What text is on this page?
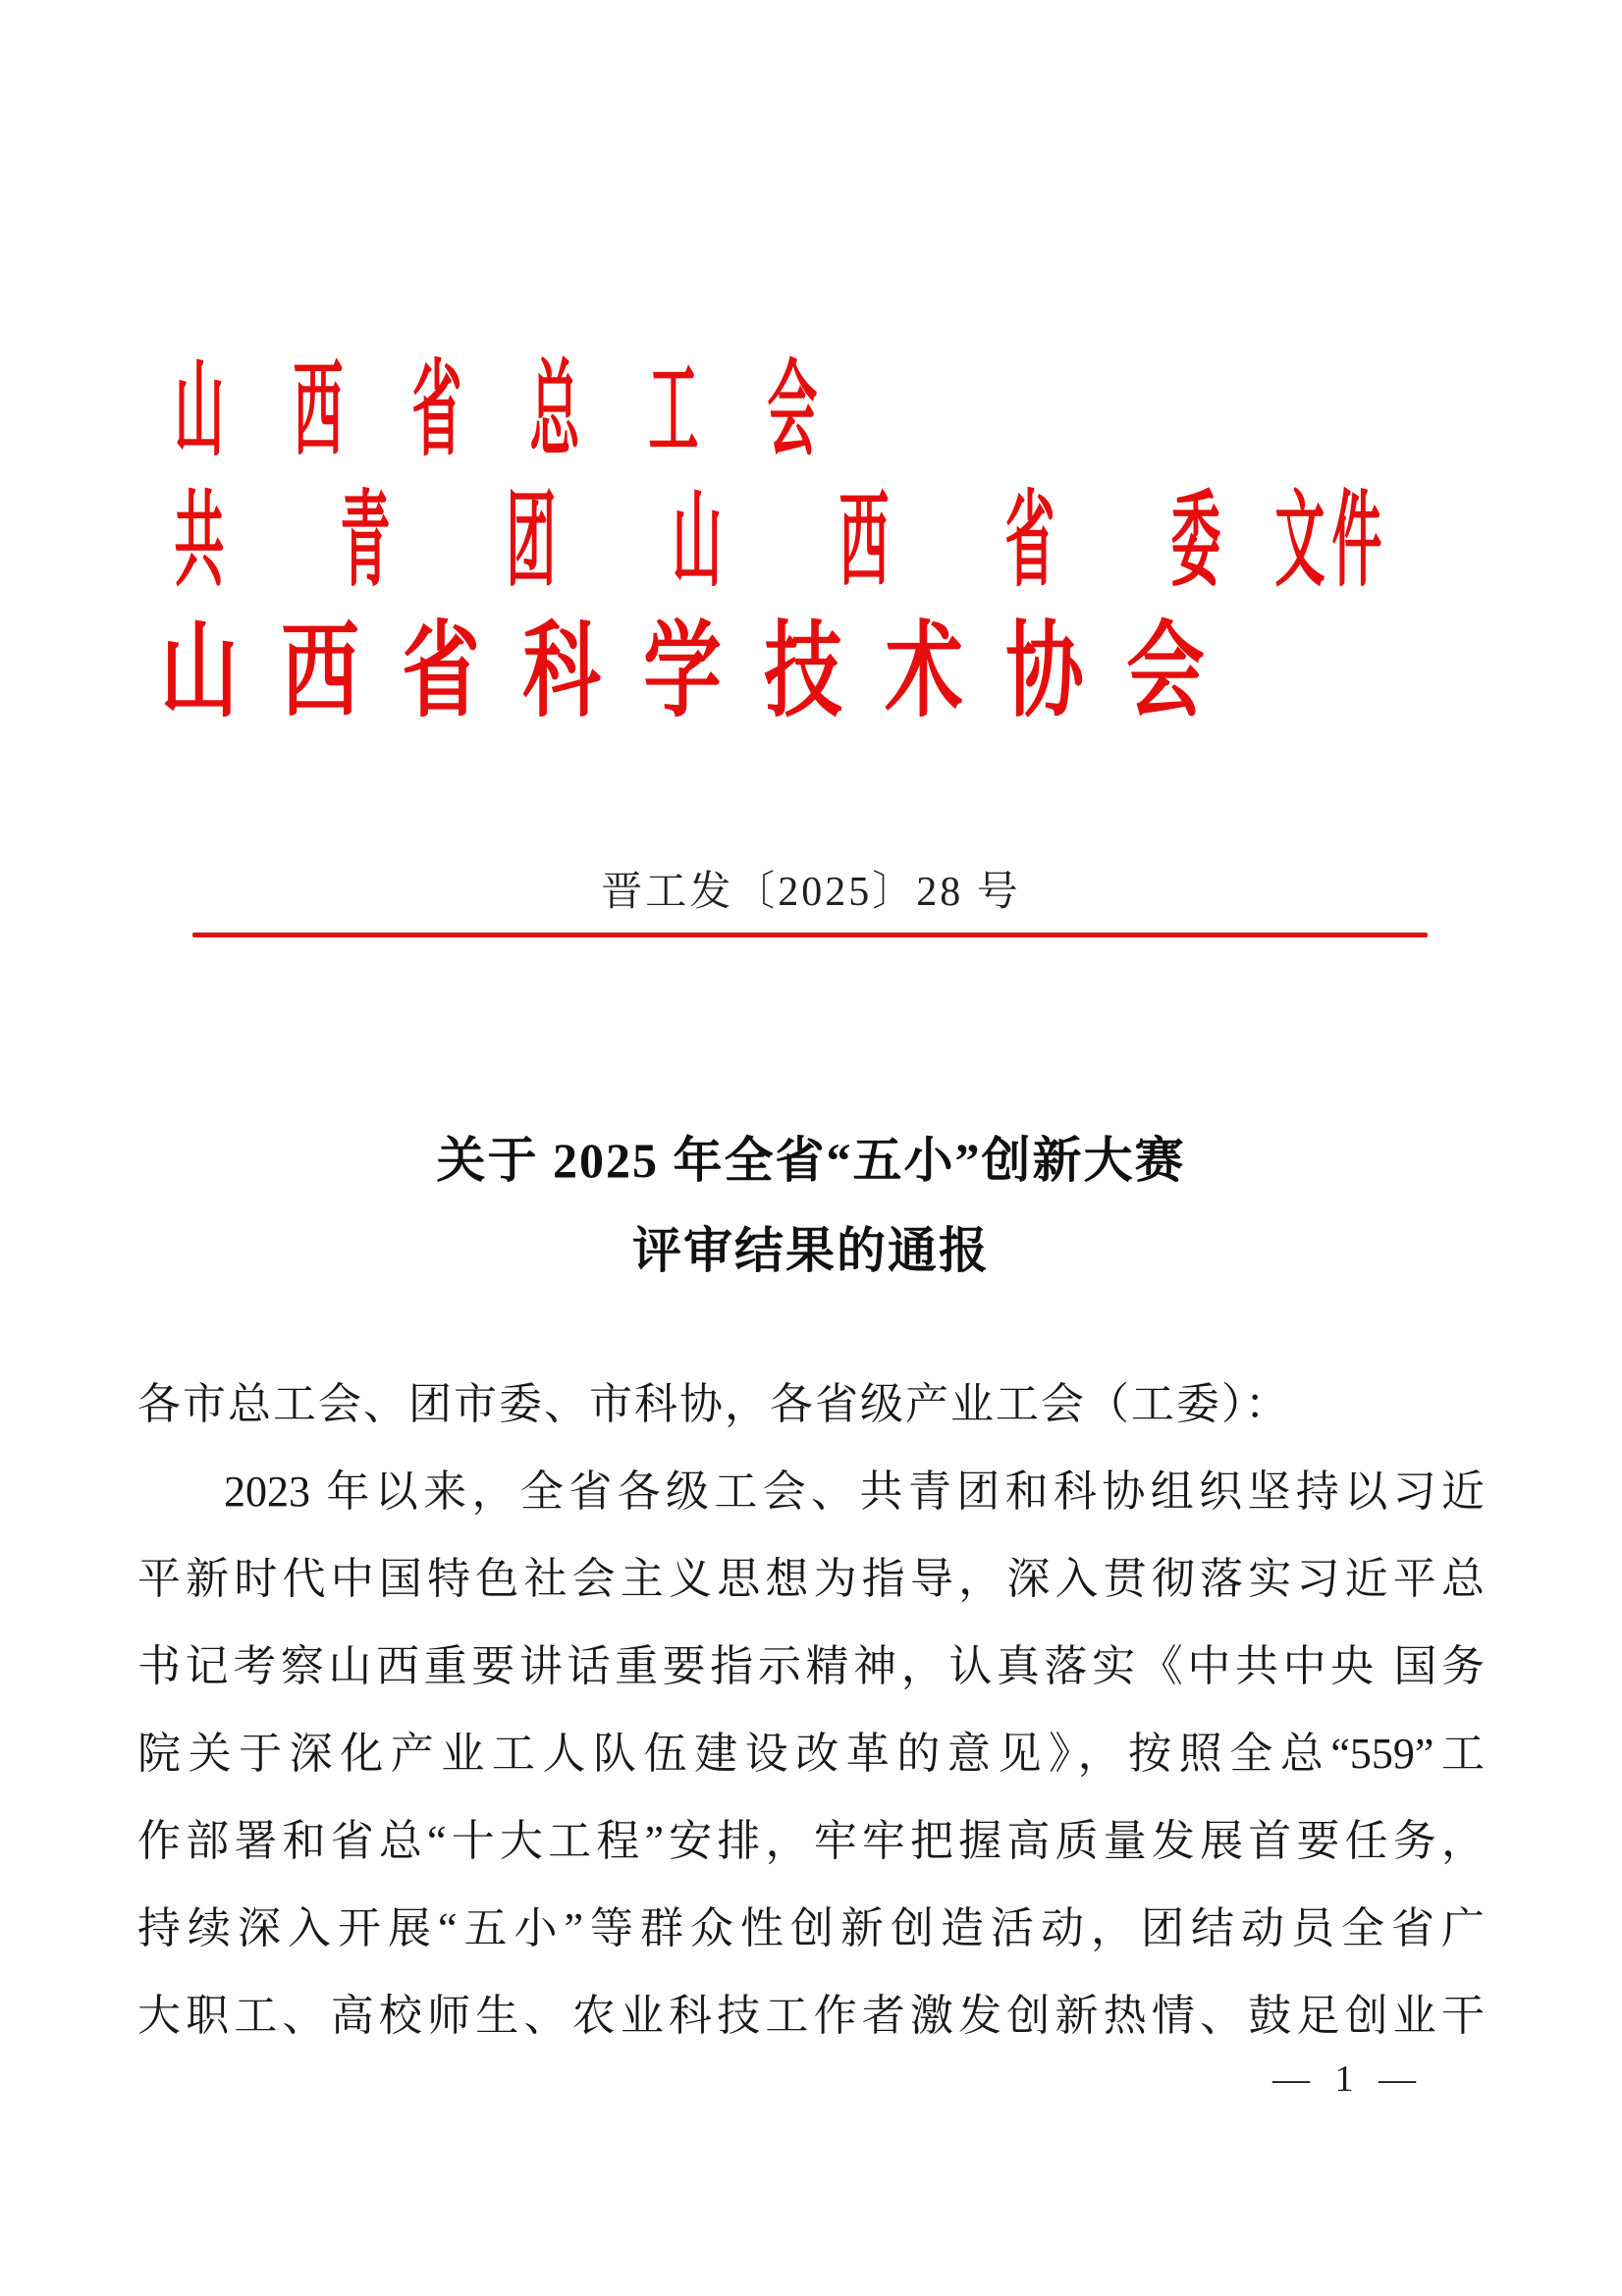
山 西 省 总 工 会
共 青 团 山 西 省 委 文 件
山 西 省 科 学 技 术 协 会
晋工发〔2025〕28 号
关于 2025 年全省“五小”创新大赛
评审结果的通报
各市总工会、团市委、市科协，各省级产业工会（工委）：
2023 年以来，全省各级工会、共青团和科协组织坚持以习近
平新时代中国特色社会主义思想为指导，深入贯彻落实习近平总
书记考察山西重要讲话重要指示精神，认真落实《中共中央 国务
院关于深化产业工人队伍建设改革的意见》，按照全总“559”工
作部署和省总“十大工程”安排，牢牢把握高质量发展首要任务，
持续深入开展“五小”等群众性创新创造活动，团结动员全省广
大职工、高校师生、农业科技工作者激发创新热情、鼓足创业干
— 1 —
